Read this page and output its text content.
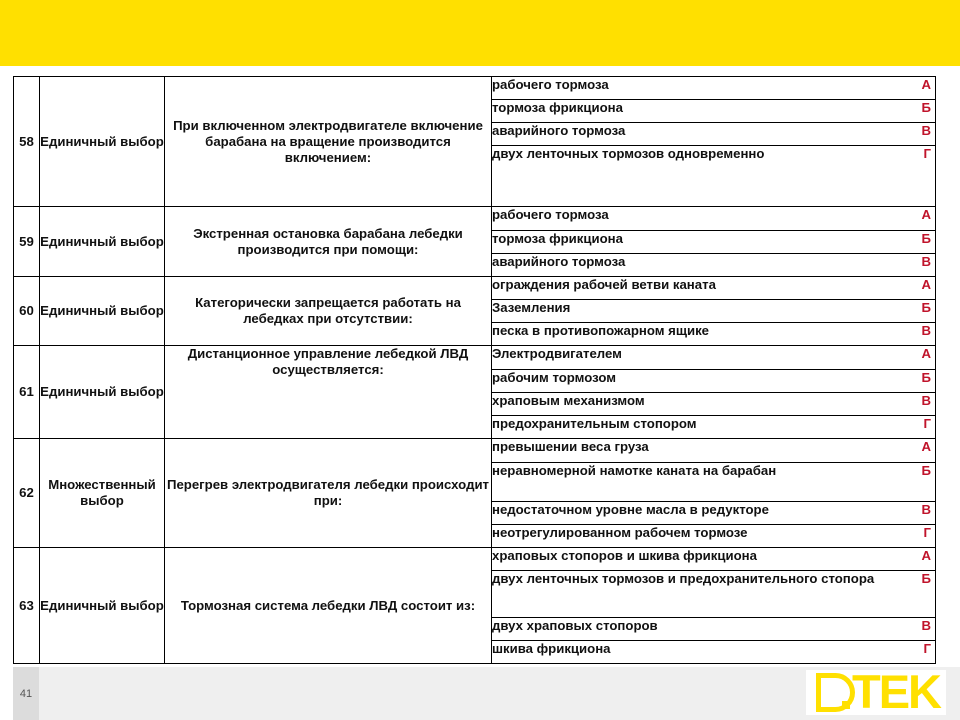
58	Единичный выбор	При включенном электродвигателе включение барабана на вращение производится включением:	рабочего тормоза А

			тормоза фрикциона Б

			аварийного тормоза В

			двух ленточных тормозов одновременно Г

59	Единичный выбор	Экстренная остановка барабана лебедки производится при помощи:	рабочего тормоза А

			тормоза фрикциона Б

			аварийного тормоза В

60	Единичный выбор	Категорически запрещается работать на лебедках при отсутствии:	ограждения рабочей ветви каната А

			Заземления Б

			песка в противопожарном ящике В

61	Единичный выбор	Дистанционное управление лебедкой ЛВД осуществляется:	Электродвигателем А

			рабочим тормозом Б

			храповым механизмом В

			предохранительным стопором Г

62	Множественный выбор	Перегрев электродвигателя лебедки происходит при:	превышении веса груза А

			неравномерной намотке каната на барабан Б

			недостаточном уровне масла в редукторе В

			неотрегулированном рабочем тормозе Г

63	Единичный выбор	Тормозная система лебедки ЛВД состоит из:	храповых стопоров и шкива фрикциона А

			двух ленточных тормозов и предохранительного стопора Б

			двух храповых стопоров В

			шкива фрикциона Г
41	TEK
